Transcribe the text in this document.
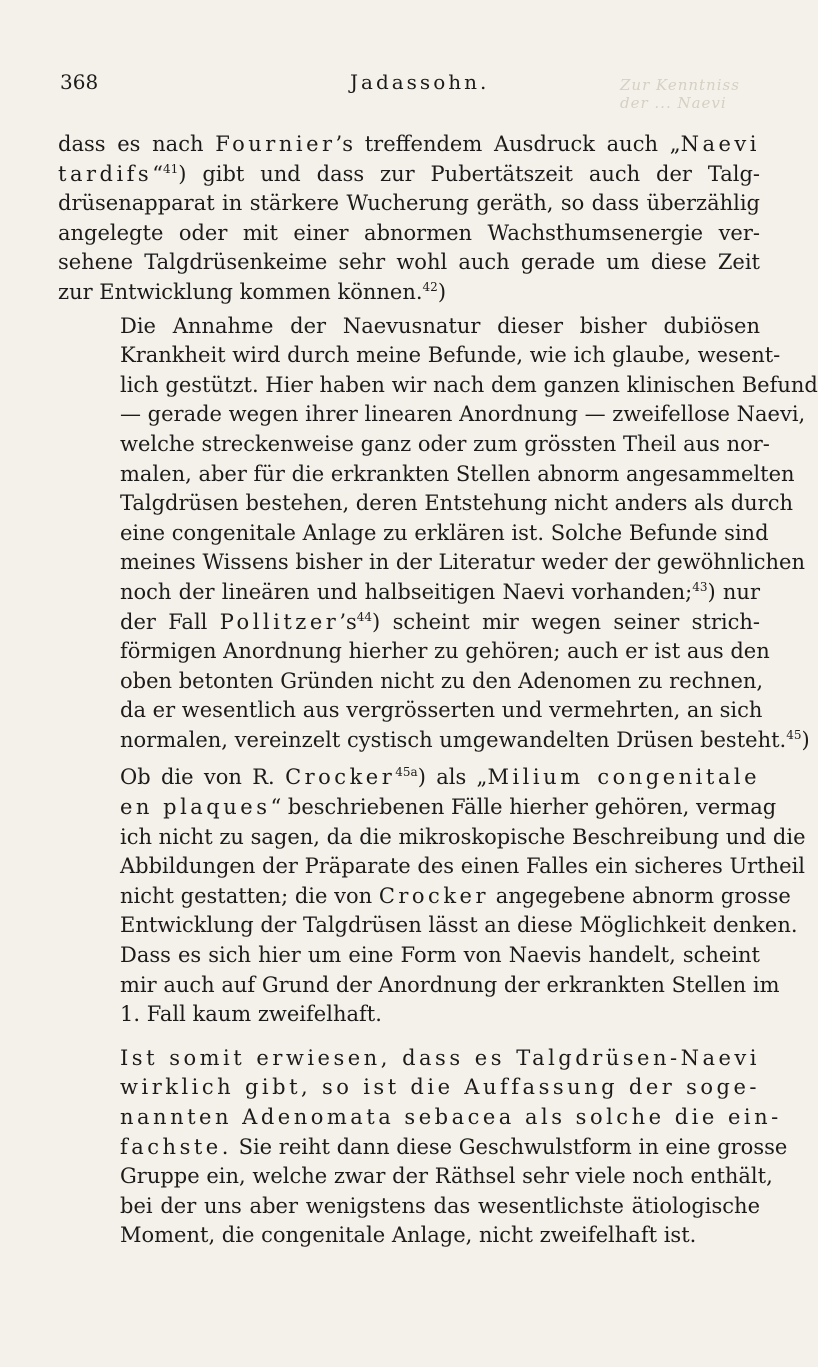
368	Jadassohn.	Zur Kenntniss der ... Naevi

dass es nach Fournier’s treffendem Ausdruck auch „Naevi
tardifs“$^{41}$) gibt und dass zur Pubertätszeit auch der Talg-
drüsenapparat in stärkere Wucherung geräth, so dass überzählig
angelegte oder mit einer abnormen Wachsthumsenergie ver-
sehene Talgdrüsenkeime sehr wohl auch gerade um diese Zeit
zur Entwicklung kommen können.$^{42}$)

Die Annahme der Naevusnatur dieser bisher dubiösen
Krankheit wird durch meine Befunde, wie ich glaube, wesent-
lich gestützt. Hier haben wir nach dem ganzen klinischen Befund
— gerade wegen ihrer linearen Anordnung — zweifellose Naevi,
welche streckenweise ganz oder zum grössten Theil aus nor-
malen, aber für die erkrankten Stellen abnorm angesammelten
Talgdrüsen bestehen, deren Entstehung nicht anders als durch
eine congenitale Anlage zu erklären ist. Solche Befunde sind
meines Wissens bisher in der Literatur weder der gewöhnlichen
noch der lineären und halbseitigen Naevi vorhanden;$^{43}$) nur
der Fall $Pollitzer’s^{44}$) scheint mir wegen seiner strich-
förmigen Anordnung hierher zu gehören; auch er ist aus den
oben betonten Gründen nicht zu den Adenomen zu rechnen,
da er wesentlich aus vergrösserten und vermehrten, an sich
normalen, vereinzelt cystisch umgewandelten Drüsen besteht.$^{45}$)

Ob die von R. Crocker$^{45a}$) als „Milium congenitale
en plaques“ beschriebenen Fälle hierher gehören, vermag
ich nicht zu sagen, da die mikroskopische Beschreibung und die
Abbildungen der Präparate des einen Falles ein sicheres Urtheil
nicht gestatten; die von Crocker angegebene abnorm grosse
Entwicklung der Talgdrüsen lässt an diese Möglichkeit denken.
Dass es sich hier um eine Form von Naevis handelt, scheint
mir auch auf Grund der Anordnung der erkrankten Stellen im
1. Fall kaum zweifelhaft.

Ist somit erwiesen, dass es Talgdrüsen-Naevi
wirklich gibt, so ist die Auffassung der soge-
nannten Adenomata sebacea als solche die ein-
fachste. Sie reiht dann diese Geschwulstform in eine grosse
Gruppe ein, welche zwar der Räthsel sehr viele noch enthält,
bei der uns aber wenigstens das wesentlichste ätiologische
Moment, die congenitale Anlage, nicht zweifelhaft ist.
